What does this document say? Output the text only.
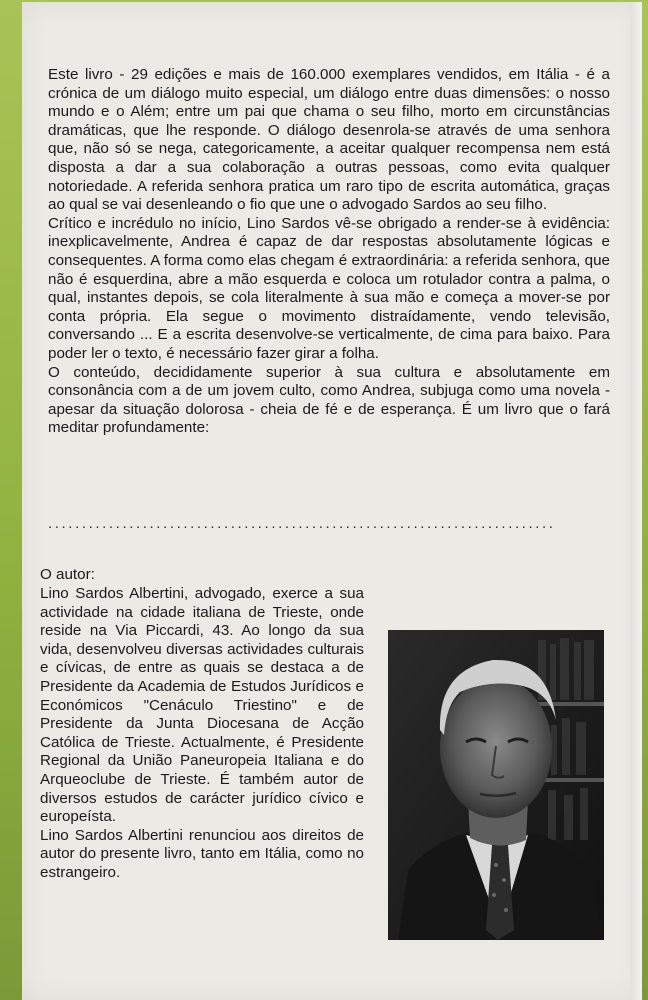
Este livro - 29 edições e mais de 160.000 exemplares vendidos, em Itália - é a crónica de um diálogo muito especial, um diálogo entre duas dimensões: o nosso mundo e o Além; entre um pai que chama o seu filho, morto em circunstâncias dramáticas, que lhe responde. O diálogo desenrola-se através de uma senhora que, não só se nega, categoricamente, a aceitar qualquer recompensa nem está disposta a dar a sua colaboração a outras pessoas, como evita qualquer notoriedade. A referida senhora pratica um raro tipo de escrita automática, graças ao qual se vai desenleando o fio que une o advogado Sardos ao seu filho.

Crítico e incrédulo no início, Lino Sardos vê-se obrigado a render-se à evidência: inexplicavelmente, Andrea é capaz de dar respostas absolutamente lógicas e consequentes. A forma como elas chegam é extraordinária: a referida senhora, que não é esquerdina, abre a mão esquerda e coloca um rotulador contra a palma, o qual, instantes depois, se cola literalmente à sua mão e começa a mover-se por conta própria. Ela segue o movimento distraídamente, vendo televisão, conversando ... E a escrita desenvolve-se verticalmente, de cima para baixo. Para poder ler o texto, é necessário fazer girar a folha.

O conteúdo, decididamente superior à sua cultura e absolutamente em consonância com a de um jovem culto, como Andrea, subjuga como uma novela - apesar da situação dolorosa - cheia de fé e de esperança. É um livro que o fará meditar profundamente:

...........................................................................
O autor:

Lino Sardos Albertini, advogado, exerce a sua actividade na cidade italiana de Trieste, onde reside na Via Piccardi, 43. Ao longo da sua vida, desenvolveu diversas actividades culturais e cívicas, de entre as quais se destaca a de Presidente da Academia de Estudos Jurídicos e Económicos "Cenáculo Triestino" e de Presidente da Junta Diocesana de Acção Católica de Trieste. Actualmente, é Presidente Regional da União Paneuropeia Italiana e do Arqueoclube de Trieste. É também autor de diversos estudos de carácter jurídico cívico e europeísta.

Lino Sardos Albertini renunciou aos direitos de autor do presente livro, tanto em Itália, como no estrangeiro.
